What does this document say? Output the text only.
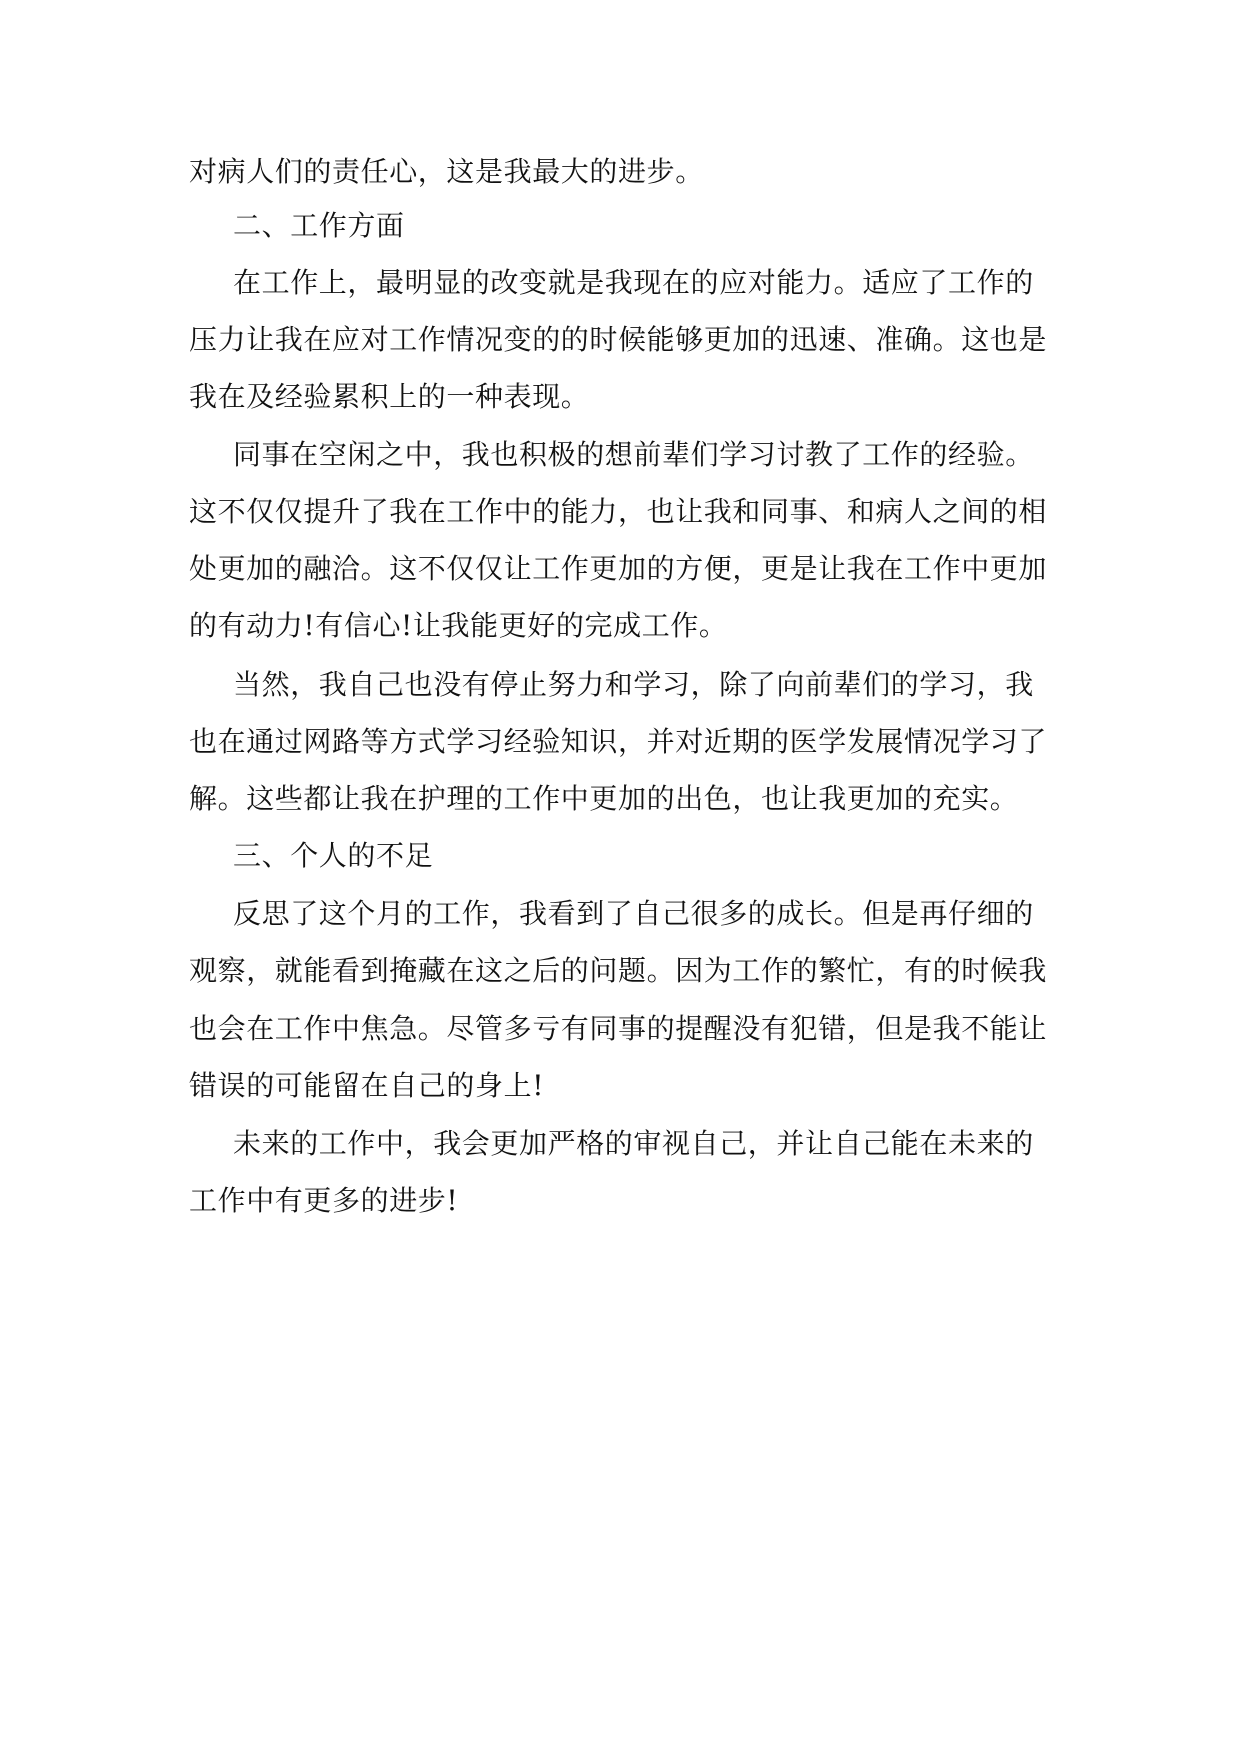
对病人们的责任心，这是我最大的进步。
二、工作方面
在工作上，最明显的改变就是我现在的应对能力。适应了工作的
压力让我在应对工作情况变的的时候能够更加的迅速、准确。这也是
我在及经验累积上的一种表现。
同事在空闲之中，我也积极的想前辈们学习讨教了工作的经验。
这不仅仅提升了我在工作中的能力，也让我和同事、和病人之间的相
处更加的融洽。这不仅仅让工作更加的方便，更是让我在工作中更加
的有动力!有信心!让我能更好的完成工作。
当然，我自己也没有停止努力和学习，除了向前辈们的学习，我
也在通过网路等方式学习经验知识，并对近期的医学发展情况学习了
解。这些都让我在护理的工作中更加的出色，也让我更加的充实。
三、个人的不足
反思了这个月的工作，我看到了自己很多的成长。但是再仔细的
观察，就能看到掩藏在这之后的问题。因为工作的繁忙，有的时候我
也会在工作中焦急。尽管多亏有同事的提醒没有犯错，但是我不能让
错误的可能留在自己的身上!
未来的工作中，我会更加严格的审视自己，并让自己能在未来的
工作中有更多的进步!
